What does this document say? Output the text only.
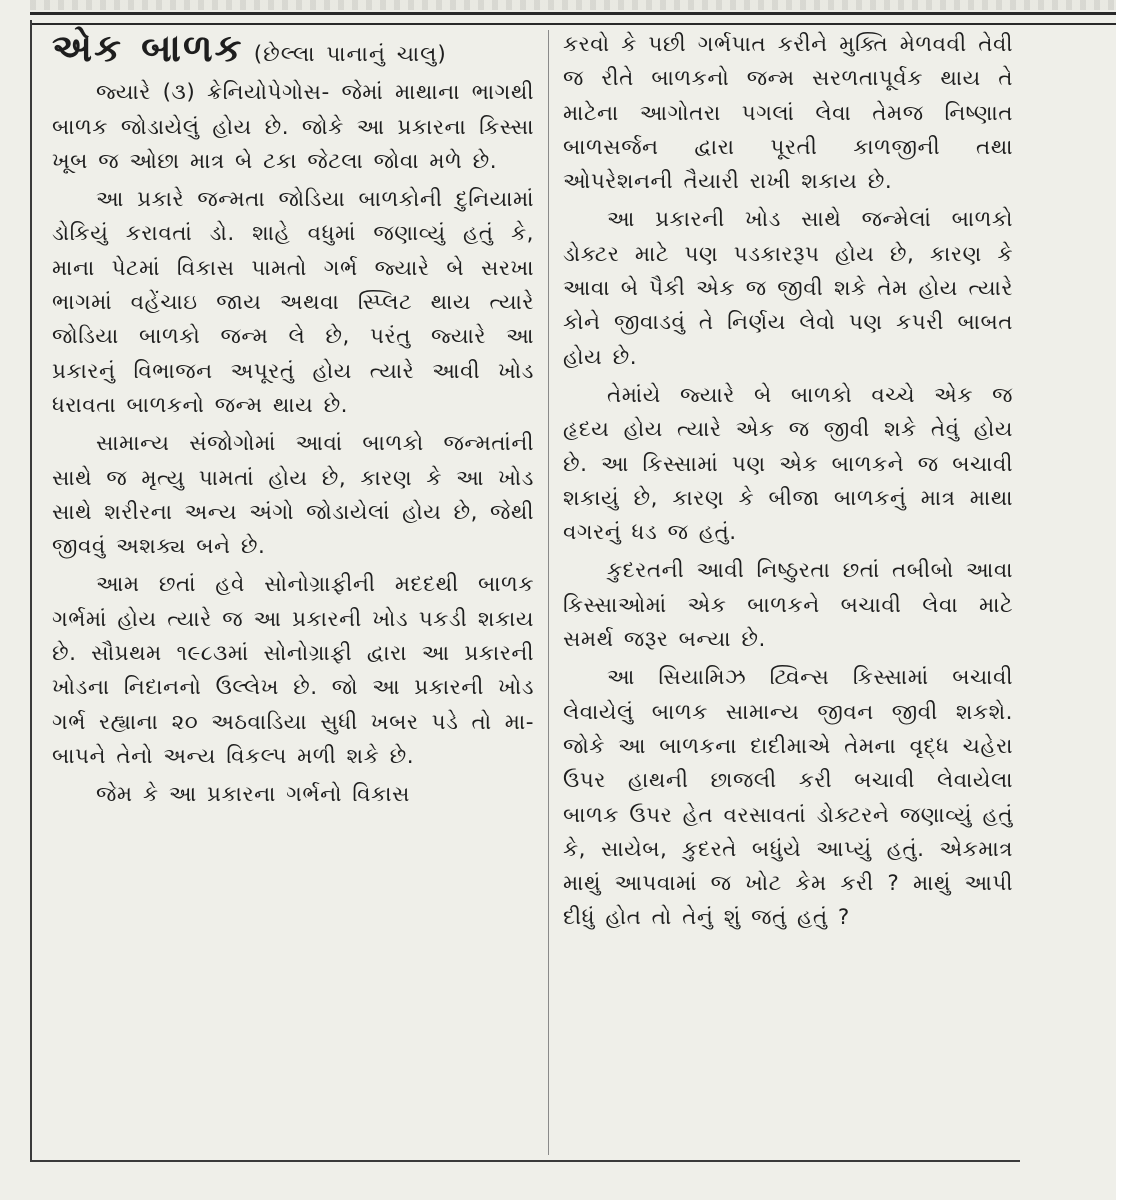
એક બાળક (છેલ્લા પાનાનું ચાલુ)

જ્યારે (૩) ક્રેનિયોપેગોસ- જેમાં માથાના ભાગથી બાળક જોડાયેલું હોય છે. જોકે આ પ્રકારના કિસ્સા ખૂબ જ ઓછા માત્ર બે ટકા જેટલા જોવા મળે છે.

આ પ્રકારે જન્મતા જોડિયા બાળકોની દુનિયામાં ડોકિયું કરાવતાં ડો. શાહે વધુમાં જણાવ્યું હતું કે, માના પેટમાં વિકાસ પામતો ગર્ભ જ્યારે બે સરખા ભાગમાં વહેંચાઇ જાય અથવા સ્પ્લિટ થાય ત્યારે જોડિયા બાળકો જન્મ લે છે, પરંતુ જ્યારે આ પ્રકારનું વિભાજન અપૂરતું હોય ત્યારે આવી ખોડ ધરાવતા બાળકનો જન્મ થાય છે.

સામાન્ય સંજોગોમાં આવાં બાળકો જન્મતાંની સાથે જ મૃત્યુ પામતાં હોય છે, કારણ કે આ ખોડ સાથે શરીરના અન્ય અંગો જોડાયેલાં હોય છે, જેથી જીવવું અશક્ય બને છે.

આમ છતાં હવે સોનોગ્રાફીની મદદથી બાળક ગર્ભમાં હોય ત્યારે જ આ પ્રકારની ખોડ પકડી શકાય છે. સૌપ્રથમ ૧૯૮૩માં સોનોગ્રાફી દ્વારા આ પ્રકારની ખોડના નિદાનનો ઉલ્લેખ છે. જો આ પ્રકારની ખોડ ગર્ભ રહ્યાના ૨૦ અઠવાડિયા સુધી ખબર પડે તો મા-બાપને તેનો અન્ય વિકલ્પ મળી શકે છે.

જેમ કે આ પ્રકારના ગર્ભનો વિકાસ

કરવો કે પછી ગર્ભપાત કરીને મુક્તિ મેળવવી તેવી જ રીતે બાળકનો જન્મ સરળતાપૂર્વક થાય તે માટેના આગોતરા પગલાં લેવા તેમજ નિષ્ણાત બાળસર્જન દ્વારા પૂરતી કાળજીની તથા ઓપરેશનની તૈયારી રાખી શકાય છે.

આ પ્રકારની ખોડ સાથે જન્મેલાં બાળકો ડોક્ટર માટે પણ પડકારરૂપ હોય છે, કારણ કે આવા બે પૈકી એક જ જીવી શકે તેમ હોય ત્યારે કોને જીવાડવું તે નિર્ણય લેવો પણ કપરી બાબત હોય છે.

તેમાંયે જ્યારે બે બાળકો વચ્ચે એક જ હૃદય હોય ત્યારે એક જ જીવી શકે તેવું હોય છે. આ કિસ્સામાં પણ એક બાળકને જ બચાવી શકાયું છે, કારણ કે બીજા બાળકનું માત્ર માથા વગરનું ધડ જ હતું.

કુદરતની આવી નિષ્ઠુરતા છતાં તબીબો આવા કિસ્સાઓમાં એક બાળકને બચાવી લેવા માટે સમર્થ જરૂર બન્યા છે.

આ સિયામિઝ ટ્વિન્સ કિસ્સામાં બચાવી લેવાયેલું બાળક સામાન્ય જીવન જીવી શકશે. જોકે આ બાળકના દાદીમાએ તેમના વૃદ્ધ ચહેરા ઉપર હાથની છાજલી કરી બચાવી લેવાયેલા બાળક ઉપર હેત વરસાવતાં ડોક્ટરને જણાવ્યું હતું કે, સાયેબ, કુદરતે બધુંયે આપ્યું હતું. એકમાત્ર માથું આપવામાં જ ખોટ કેમ કરી ? માથું આપી દીધું હોત તો તેનું શું જતું હતું ?
